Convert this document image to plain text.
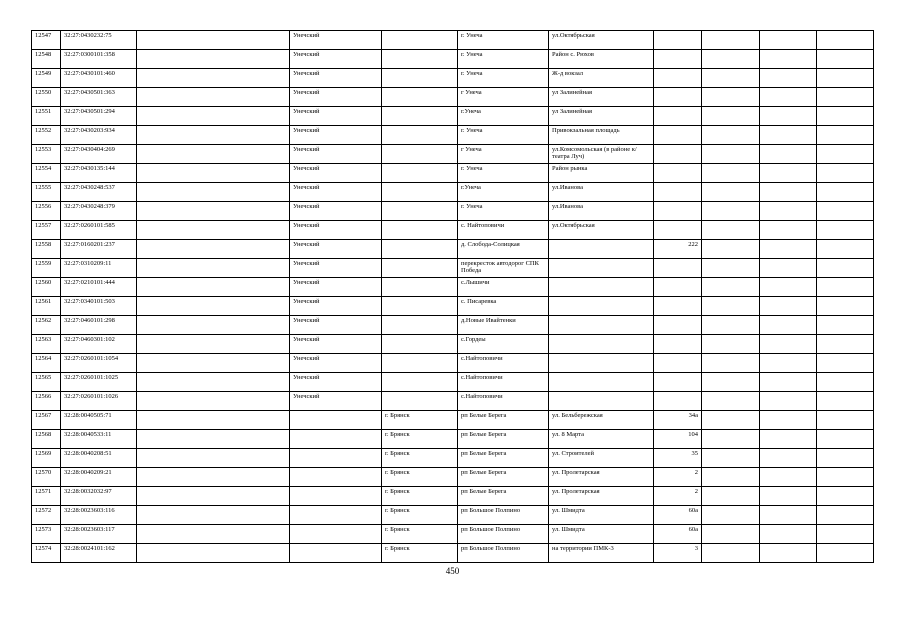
12547	32:27:0430232:75		Унечский		г. Унеча	ул.Октябрьская				
12548	32:27:0300101:358		Унечский		г. Унеча	Район с. Рюхов				
12549	32:27:0430101:460		Унечский		г. Унеча	Ж-д вокзал				
12550	32:27:0430501:363		Унечский		г Унеча	ул Залинейная				
12551	32:27:0430501:294		Унечский		г.Унеча	ул Залинейная				
12552	32:27:0430203:934		Унечский		г. Унеча	Привокзальная площадь				
12553	32:27:0430404:269		Унечский		г Унеча	ул.Комсомольская (в районе к/театра Луч)				
12554	32:27:0430135:144		Унечский		г. Унеча	Район рынка				
12555	32:27:0430248:537		Унечский		г.Унеча	ул.Иванова				
12556	32:27:0430248:379		Унечский		г. Унеча	ул.Иванова				
12557	32:27:0260101:585		Унечский		с. Найтоповичи	ул.Октябрьская				
12558	32:27:0160201:237		Унечский		д. Слобода-Солицкая		222			
12559	32:27:0310209:11		Унечский		перекресток автодорог СПК Победа					
12560	32:27:0210101:444		Унечский		с.Лышичи					
12561	32:27:0340101:503		Унечский		с. Писаревка					
12562	32:27:0460101:298		Унечский		д.Новые Ивайтенки					
12563	32:27:0460301:102		Унечский		с.Гордеы					
12564	32:27:0260101:1054		Унечский		с.Найтоповичи					
12565	32:27:0260101:1025		Унечский		с.Найтоповичи					
12566	32:27:0260101:1026		Унечский		с.Найтоповичи					
12567	32:28:0040505:71			г. Брянск	рп Белые Берега	ул. Бельбережская	34а			
12568	32:28:0040533:11			г. Брянск	рп Белые Берега	ул. 8 Марта	104			
12569	32:28:0040208:51			г. Брянск	рп Белые Берега	ул. Строителей	35			
12570	32:28:0040209:21			г. Брянск	рп Белые Берега	ул. Пролетарская	2			
12571	32:28:0032032:97			г. Брянск	рп Белые Берега	ул. Пролетарская	2			
12572	32:28:0023603:116			г. Брянск	рп Большое Полпино	ул. Шмидта	60а			
12573	32:28:0023603:117			г. Брянск	рп Большое Полпино	ул. Шмидта	60а			
12574	32:28:0024101:162			г. Брянск	рп Большое Полпино	на территории ПМК-3	3			
450
